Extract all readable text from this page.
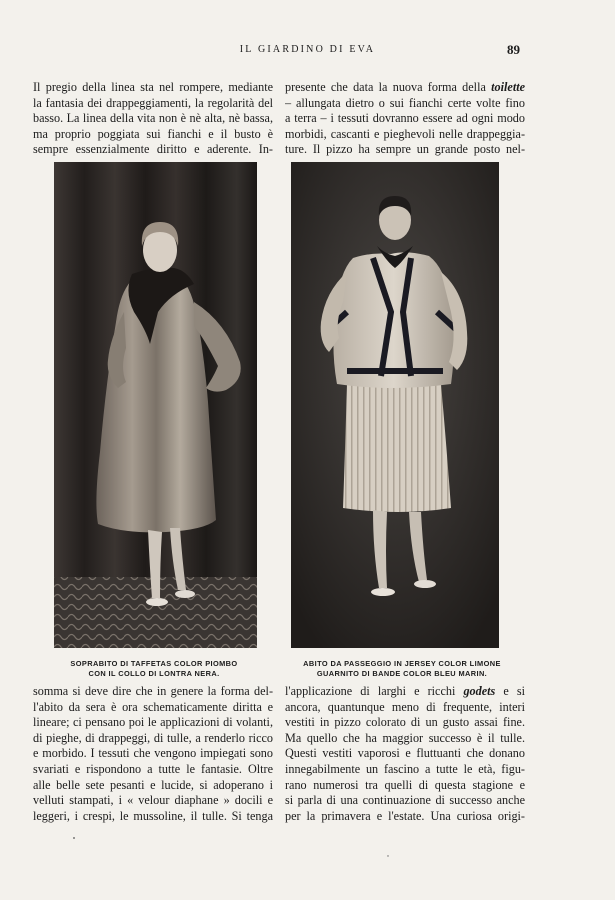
IL GIARDINO DI EVA	89
Il pregio della linea sta nel rompere, mediante
la fantasia dei drappeggiamenti, la regolarità del
basso. La linea della vita non è nè alta, nè bassa,
ma proprio poggiata sui fianchi e il busto è
sempre essenzialmente diritto e aderente. In-
presente che data la nuova forma della toilette
– allungata dietro o sui fianchi certe volte fino
a terra – i tessuti dovranno essere ad ogni modo
morbidi, cascanti e pieghevoli nelle drappeggia-
ture. Il pizzo ha sempre un grande posto nel-
SOPRABITO DI TAFFETAS COLOR PIOMBO
CON IL COLLO DI LONTRA NERA.
ABITO DA PASSEGGIO IN JERSEY COLOR LIMONE
GUARNITO DI BANDE COLOR BLEU MARIN.
somma si deve dire che in genere la forma del-
l'abito da sera è ora schematicamente diritta e
lineare; ci pensano poi le applicazioni di volanti,
di pieghe, di drappeggi, di tulle, a renderlo ricco
e morbido. I tessuti che vengono impiegati sono
svariati e rispondono a tutte le fantasie. Oltre
alle belle sete pesanti e lucide, si adoperano i
velluti stampati, i « velour diaphane » docili e
leggeri, i crespi, le mussoline, il tulle. Si tenga
l'applicazione di larghi e ricchi godets e si
ancora, quantunque meno di frequente, interi
vestiti in pizzo colorato di un gusto assai fine.
Ma quello che ha maggior successo è il tulle.
Questi vestiti vaporosi e fluttuanti che donano
innegabilmente un fascino a tutte le età, figu-
rano numerosi tra quelli di questa stagione e
si parla di una continuazione di successo anche
per la primavera e l'estate. Una curiosa origi-
